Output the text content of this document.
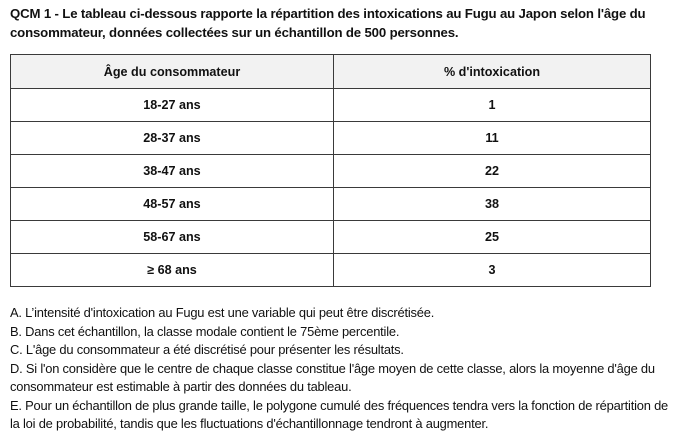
QCM 1 - Le tableau ci-dessous rapporte la répartition des intoxications au Fugu au Japon selon l'âge du consommateur, données collectées sur un échantillon de 500 personnes.
Âge du consommateur	% d'intoxication
18-27 ans	1
28-37 ans	11
38-47 ans	22
48-57 ans	38
58-67 ans	25
≥ 68 ans	3

A. L’intensité d'intoxication au Fugu est une variable qui peut être discrétisée.

B. Dans cet échantillon, la classe modale contient le 75ème percentile.

C. L'âge du consommateur a été discrétisé pour présenter les résultats.

D. Si l'on considère que le centre de chaque classe constitue l'âge moyen de cette classe, alors la moyenne d'âge du consommateur est estimable à partir des données du tableau.

E. Pour un échantillon de plus grande taille, le polygone cumulé des fréquences tendra vers la fonction de répartition de la loi de probabilité, tandis que les fluctuations d'échantillonnage tendront à augmenter.
